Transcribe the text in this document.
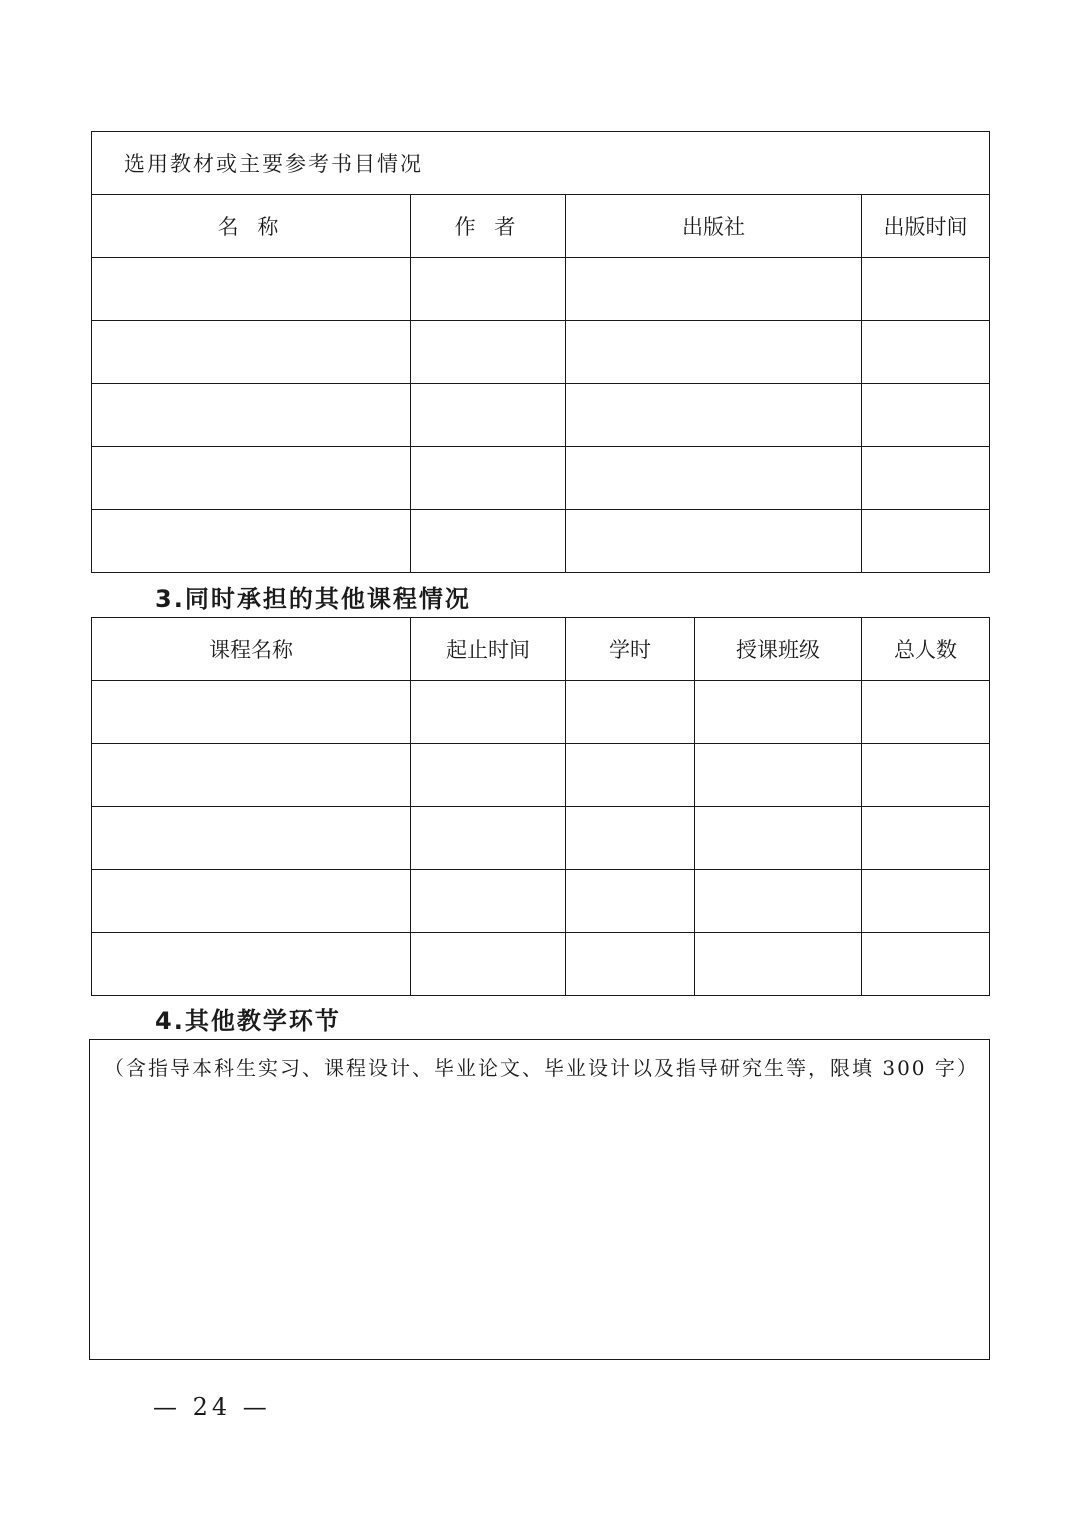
选用教材或主要参考书目情况			
名 称	作 者	出版社	出版时间

3.同时承担的其他课程情况
课程名称	起止时间	学时	授课班级	总人数

4.其他教学环节
（含指导本科生实习、课程设计、毕业论文、毕业设计以及指导研究生等，限填 300 字）
— 24 —
